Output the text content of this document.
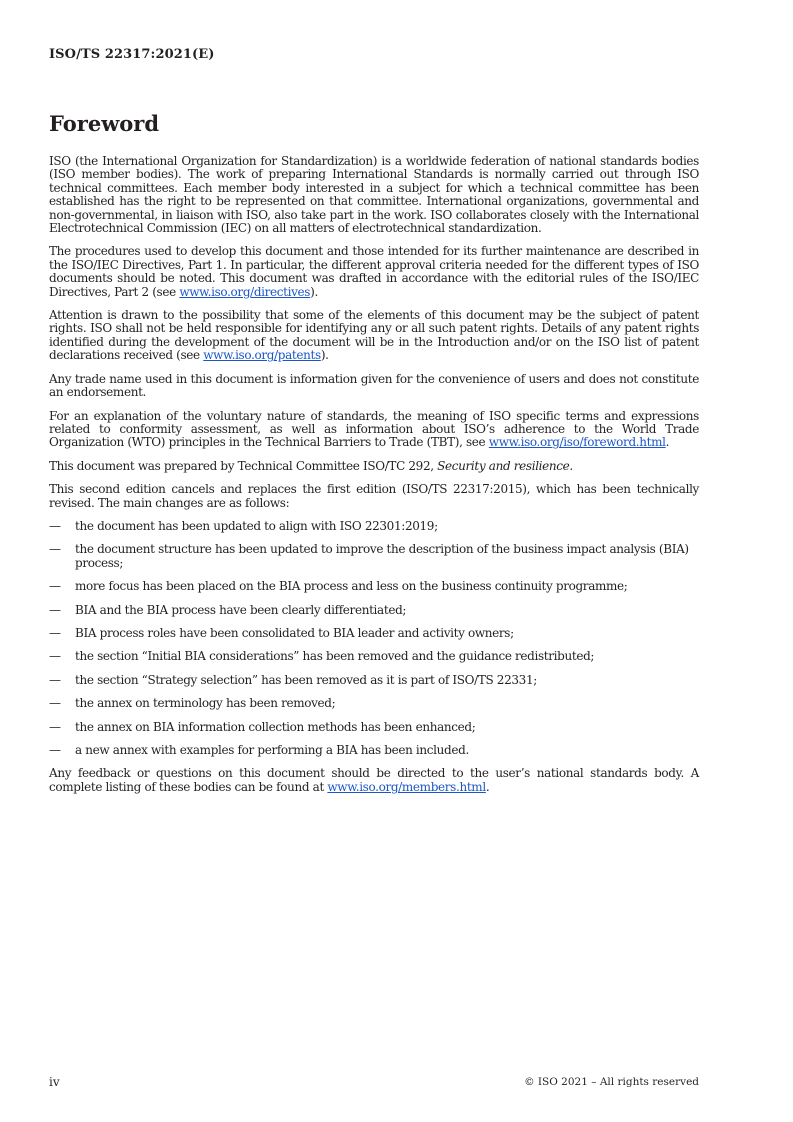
ISO/TS 22317:2021(E)
Foreword

ISO (the International Organization for Standardization) is a worldwide federation of national standards bodies (ISO member bodies). The work of preparing International Standards is normally carried out through ISO technical committees. Each member body interested in a subject for which a technical committee has been established has the right to be represented on that committee. International organizations, governmental and non-governmental, in liaison with ISO, also take part in the work. ISO collaborates closely with the International Electrotechnical Commission (IEC) on all matters of electrotechnical standardization.

The procedures used to develop this document and those intended for its further maintenance are described in the ISO/IEC Directives, Part 1. In particular, the different approval criteria needed for the different types of ISO documents should be noted. This document was drafted in accordance with the editorial rules of the ISO/IEC Directives, Part 2 (see www.iso.org/directives).

Attention is drawn to the possibility that some of the elements of this document may be the subject of patent rights. ISO shall not be held responsible for identifying any or all such patent rights. Details of any patent rights identified during the development of the document will be in the Introduction and/or on the ISO list of patent declarations received (see www.iso.org/patents).

Any trade name used in this document is information given for the convenience of users and does not constitute an endorsement.

For an explanation of the voluntary nature of standards, the meaning of ISO specific terms and expressions related to conformity assessment, as well as information about ISO’s adherence to the World Trade Organization (WTO) principles in the Technical Barriers to Trade (TBT), see www.iso.org/iso/foreword.html.

This document was prepared by Technical Committee ISO/TC 292, Security and resilience.

This second edition cancels and replaces the first edition (ISO/TS 22317:2015), which has been technically revised. The main changes are as follows:

—	the document has been updated to align with ISO 22301:2019;
—	the document structure has been updated to improve the description of the business impact analysis (BIA) process;
—	more focus has been placed on the BIA process and less on the business continuity programme;
—	BIA and the BIA process have been clearly differentiated;
—	BIA process roles have been consolidated to BIA leader and activity owners;
—	the section “Initial BIA considerations” has been removed and the guidance redistributed;
—	the section “Strategy selection” has been removed as it is part of ISO/TS 22331;
—	the annex on terminology has been removed;
—	the annex on BIA information collection methods has been enhanced;
—	a new annex with examples for performing a BIA has been included.

Any feedback or questions on this document should be directed to the user’s national standards body. A complete listing of these bodies can be found at www.iso.org/members.html.

iv	© ISO 2021 – All rights reserved
